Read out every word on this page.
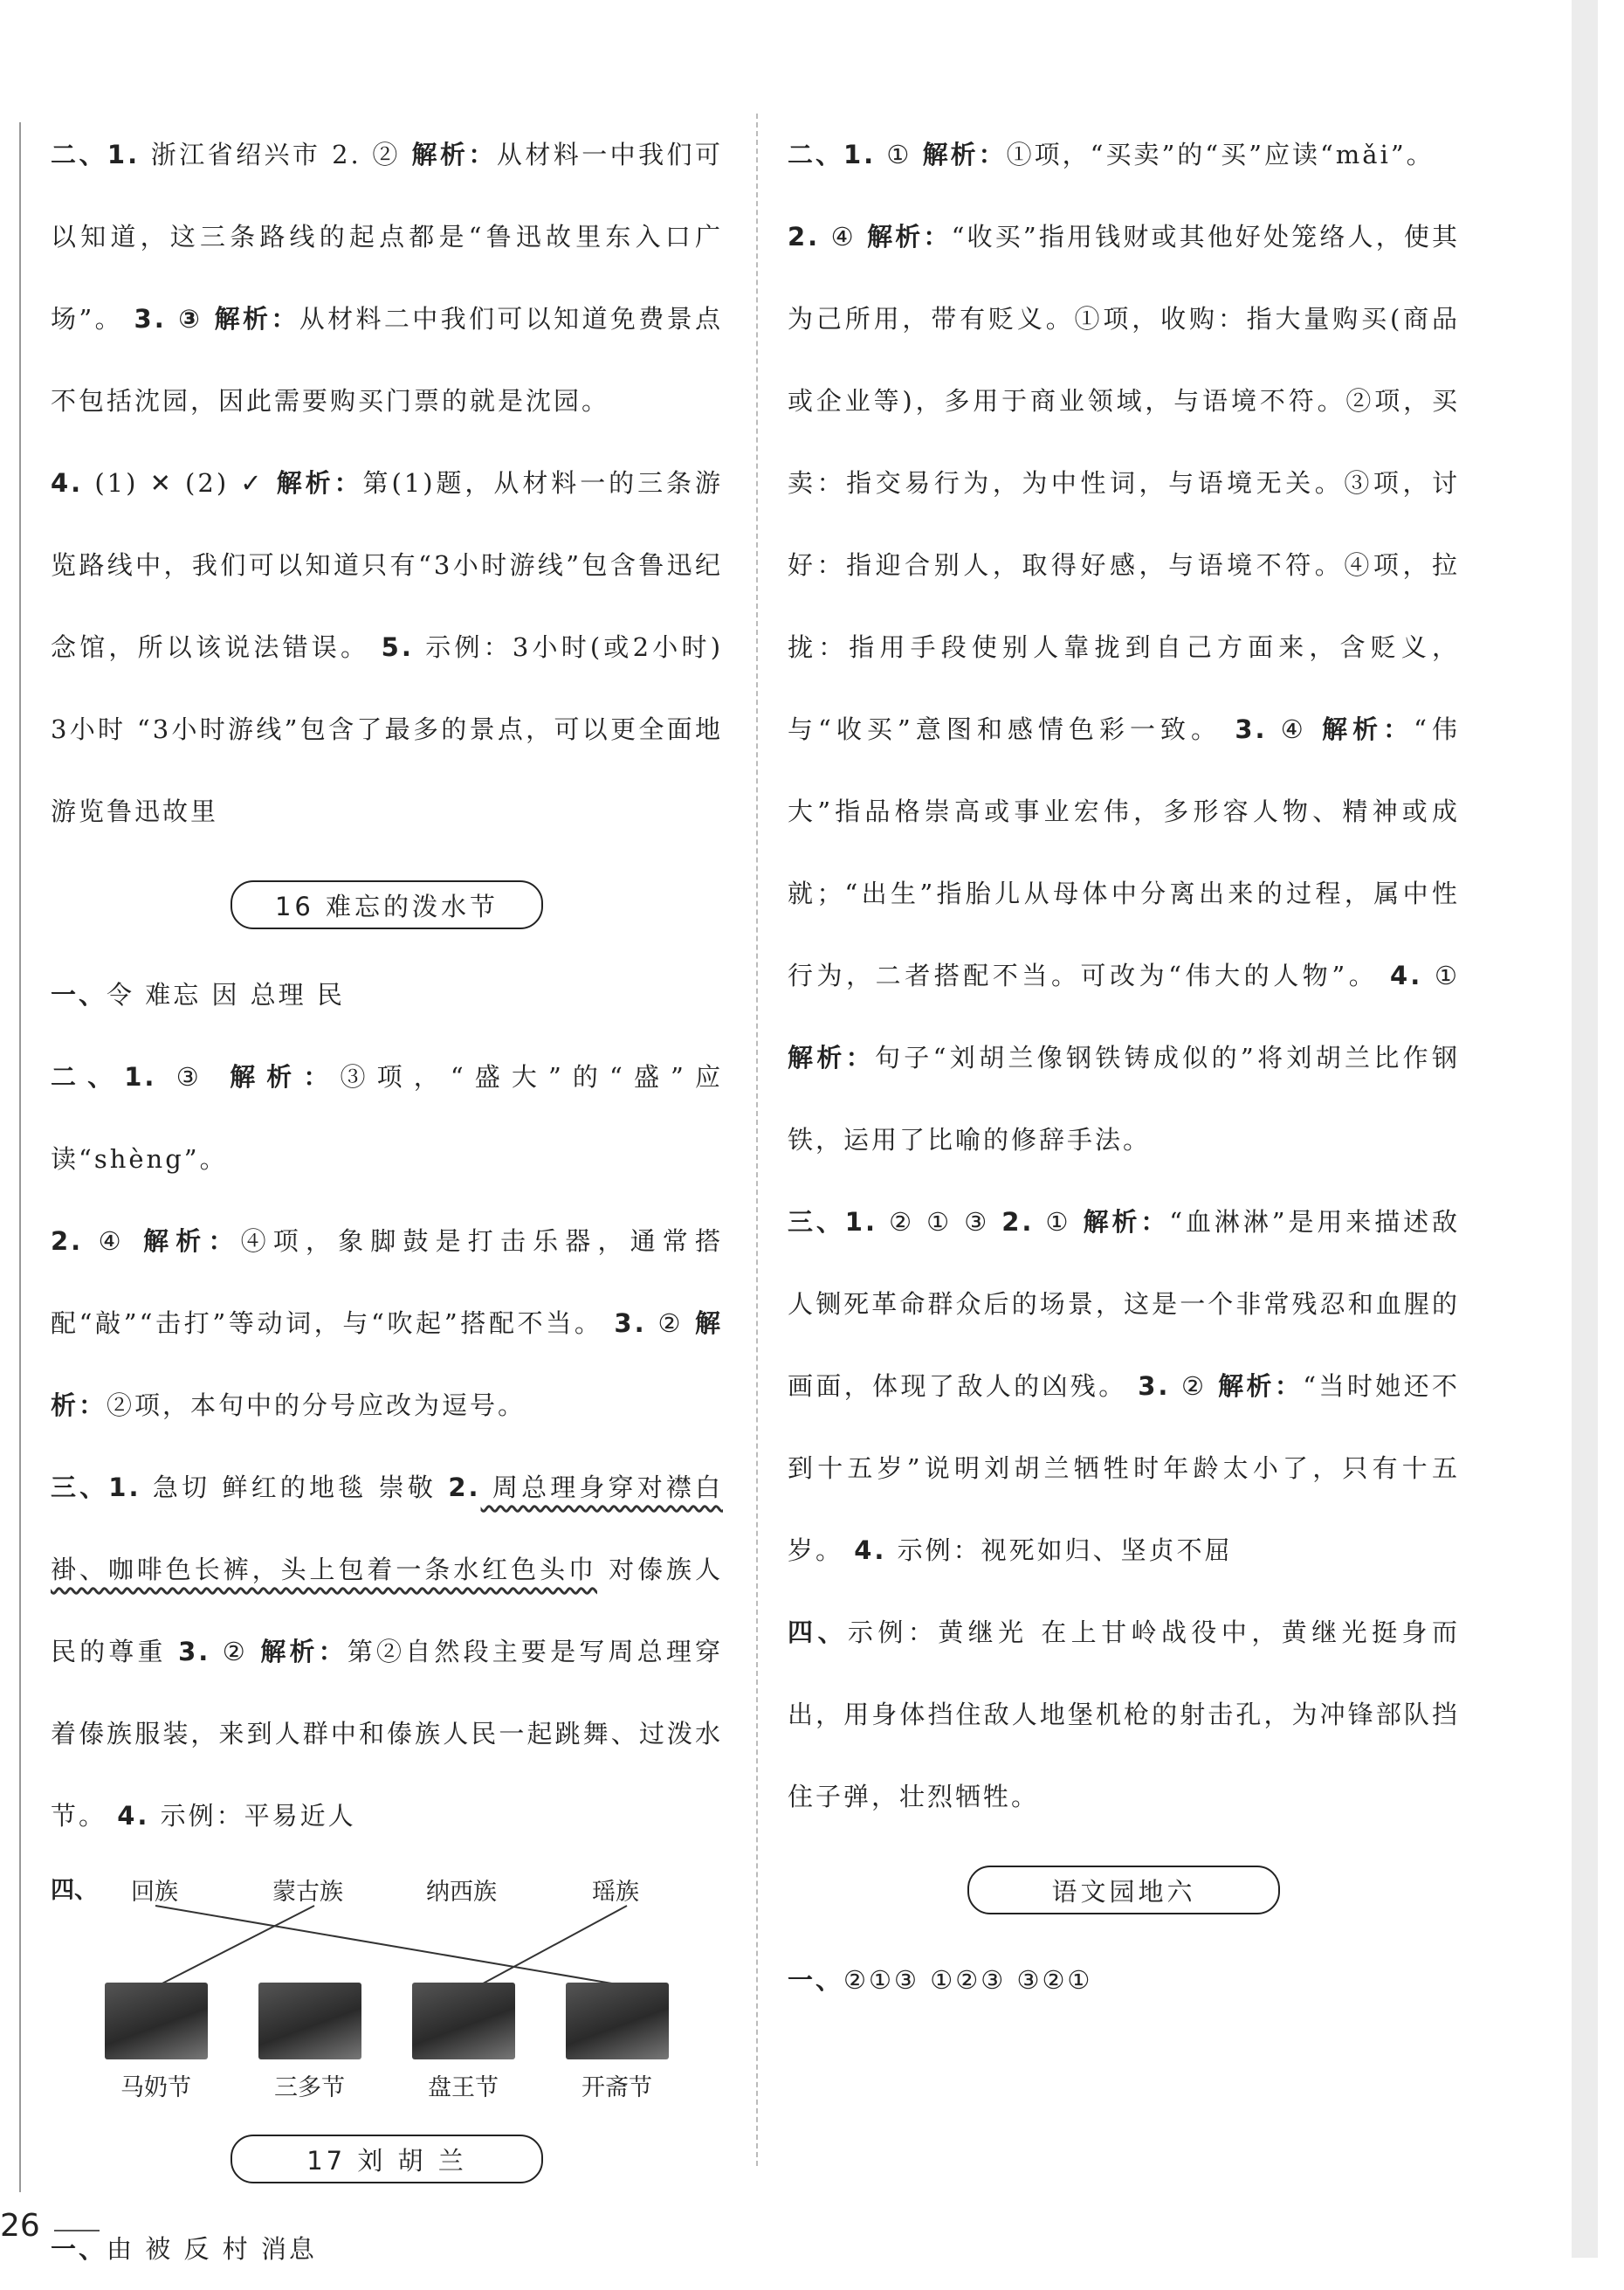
二、1. 浙江省绍兴市 2. ② 解析：从材料一中我们可以知道，这三条路线的起点都是“鲁迅故里东入口广场”。 3. ③ 解析：从材料二中我们可以知道免费景点不包括沈园，因此需要购买门票的就是沈园。

4. (1) ✕ (2) ✓ 解析：第(1)题，从材料一的三条游览路线中，我们可以知道只有“3小时游线”包含鲁迅纪念馆，所以该说法错误。 5. 示例：3小时(或2小时) 3小时 “3小时游线”包含了最多的景点，可以更全面地游览鲁迅故里

16 难忘的泼水节

一、令 难忘 因 总理 民

二、1. ③ 解析：③项，“盛大”的“盛”应读“shèng”。

2. ④ 解析：④项，象脚鼓是打击乐器，通常搭配“敲”“击打”等动词，与“吹起”搭配不当。 3. ② 解析：②项，本句中的分号应改为逗号。

三、1. 急切 鲜红的地毯 崇敬 2. 周总理身穿对襟白褂、咖啡色长裤，头上包着一条水红色头巾 对傣族人民的尊重 3. ② 解析：第②自然段主要是写周总理穿着傣族服装，来到人群中和傣族人民一起跳舞、过泼水节。 4. 示例：平易近人

四、 回族	蒙古族	纳西族	瑶族
马奶节	三多节	盘王节	开斋节
17 刘 胡 兰

一、由 被 反 村 消息

二、1. ① 解析：①项，“买卖”的“买”应读“mǎi”。

2. ④ 解析：“收买”指用钱财或其他好处笼络人，使其为己所用，带有贬义。①项，收购：指大量购买(商品或企业等)，多用于商业领域，与语境不符。②项，买卖：指交易行为，为中性词，与语境无关。③项，讨好：指迎合别人，取得好感，与语境不符。④项，拉拢：指用手段使别人靠拢到自己方面来，含贬义，与“收买”意图和感情色彩一致。 3. ④ 解析：“伟大”指品格崇高或事业宏伟，多形容人物、精神或成就；“出生”指胎儿从母体中分离出来的过程，属中性行为，二者搭配不当。可改为“伟大的人物”。 4. ① 解析：句子“刘胡兰像钢铁铸成似的”将刘胡兰比作钢铁，运用了比喻的修辞手法。

三、1. ② ① ③ 2. ① 解析：“血淋淋”是用来描述敌人铡死革命群众后的场景，这是一个非常残忍和血腥的画面，体现了敌人的凶残。 3. ② 解析：“当时她还不到十五岁”说明刘胡兰牺牲时年龄太小了，只有十五岁。 4. 示例：视死如归、坚贞不屈

四、示例：黄继光 在上甘岭战役中，黄继光挺身而出，用身体挡住敌人地堡机枪的射击孔，为冲锋部队挡住子弹，壮烈牺牲。

语文园地六

一、②①③ ①②③ ③②①

26
